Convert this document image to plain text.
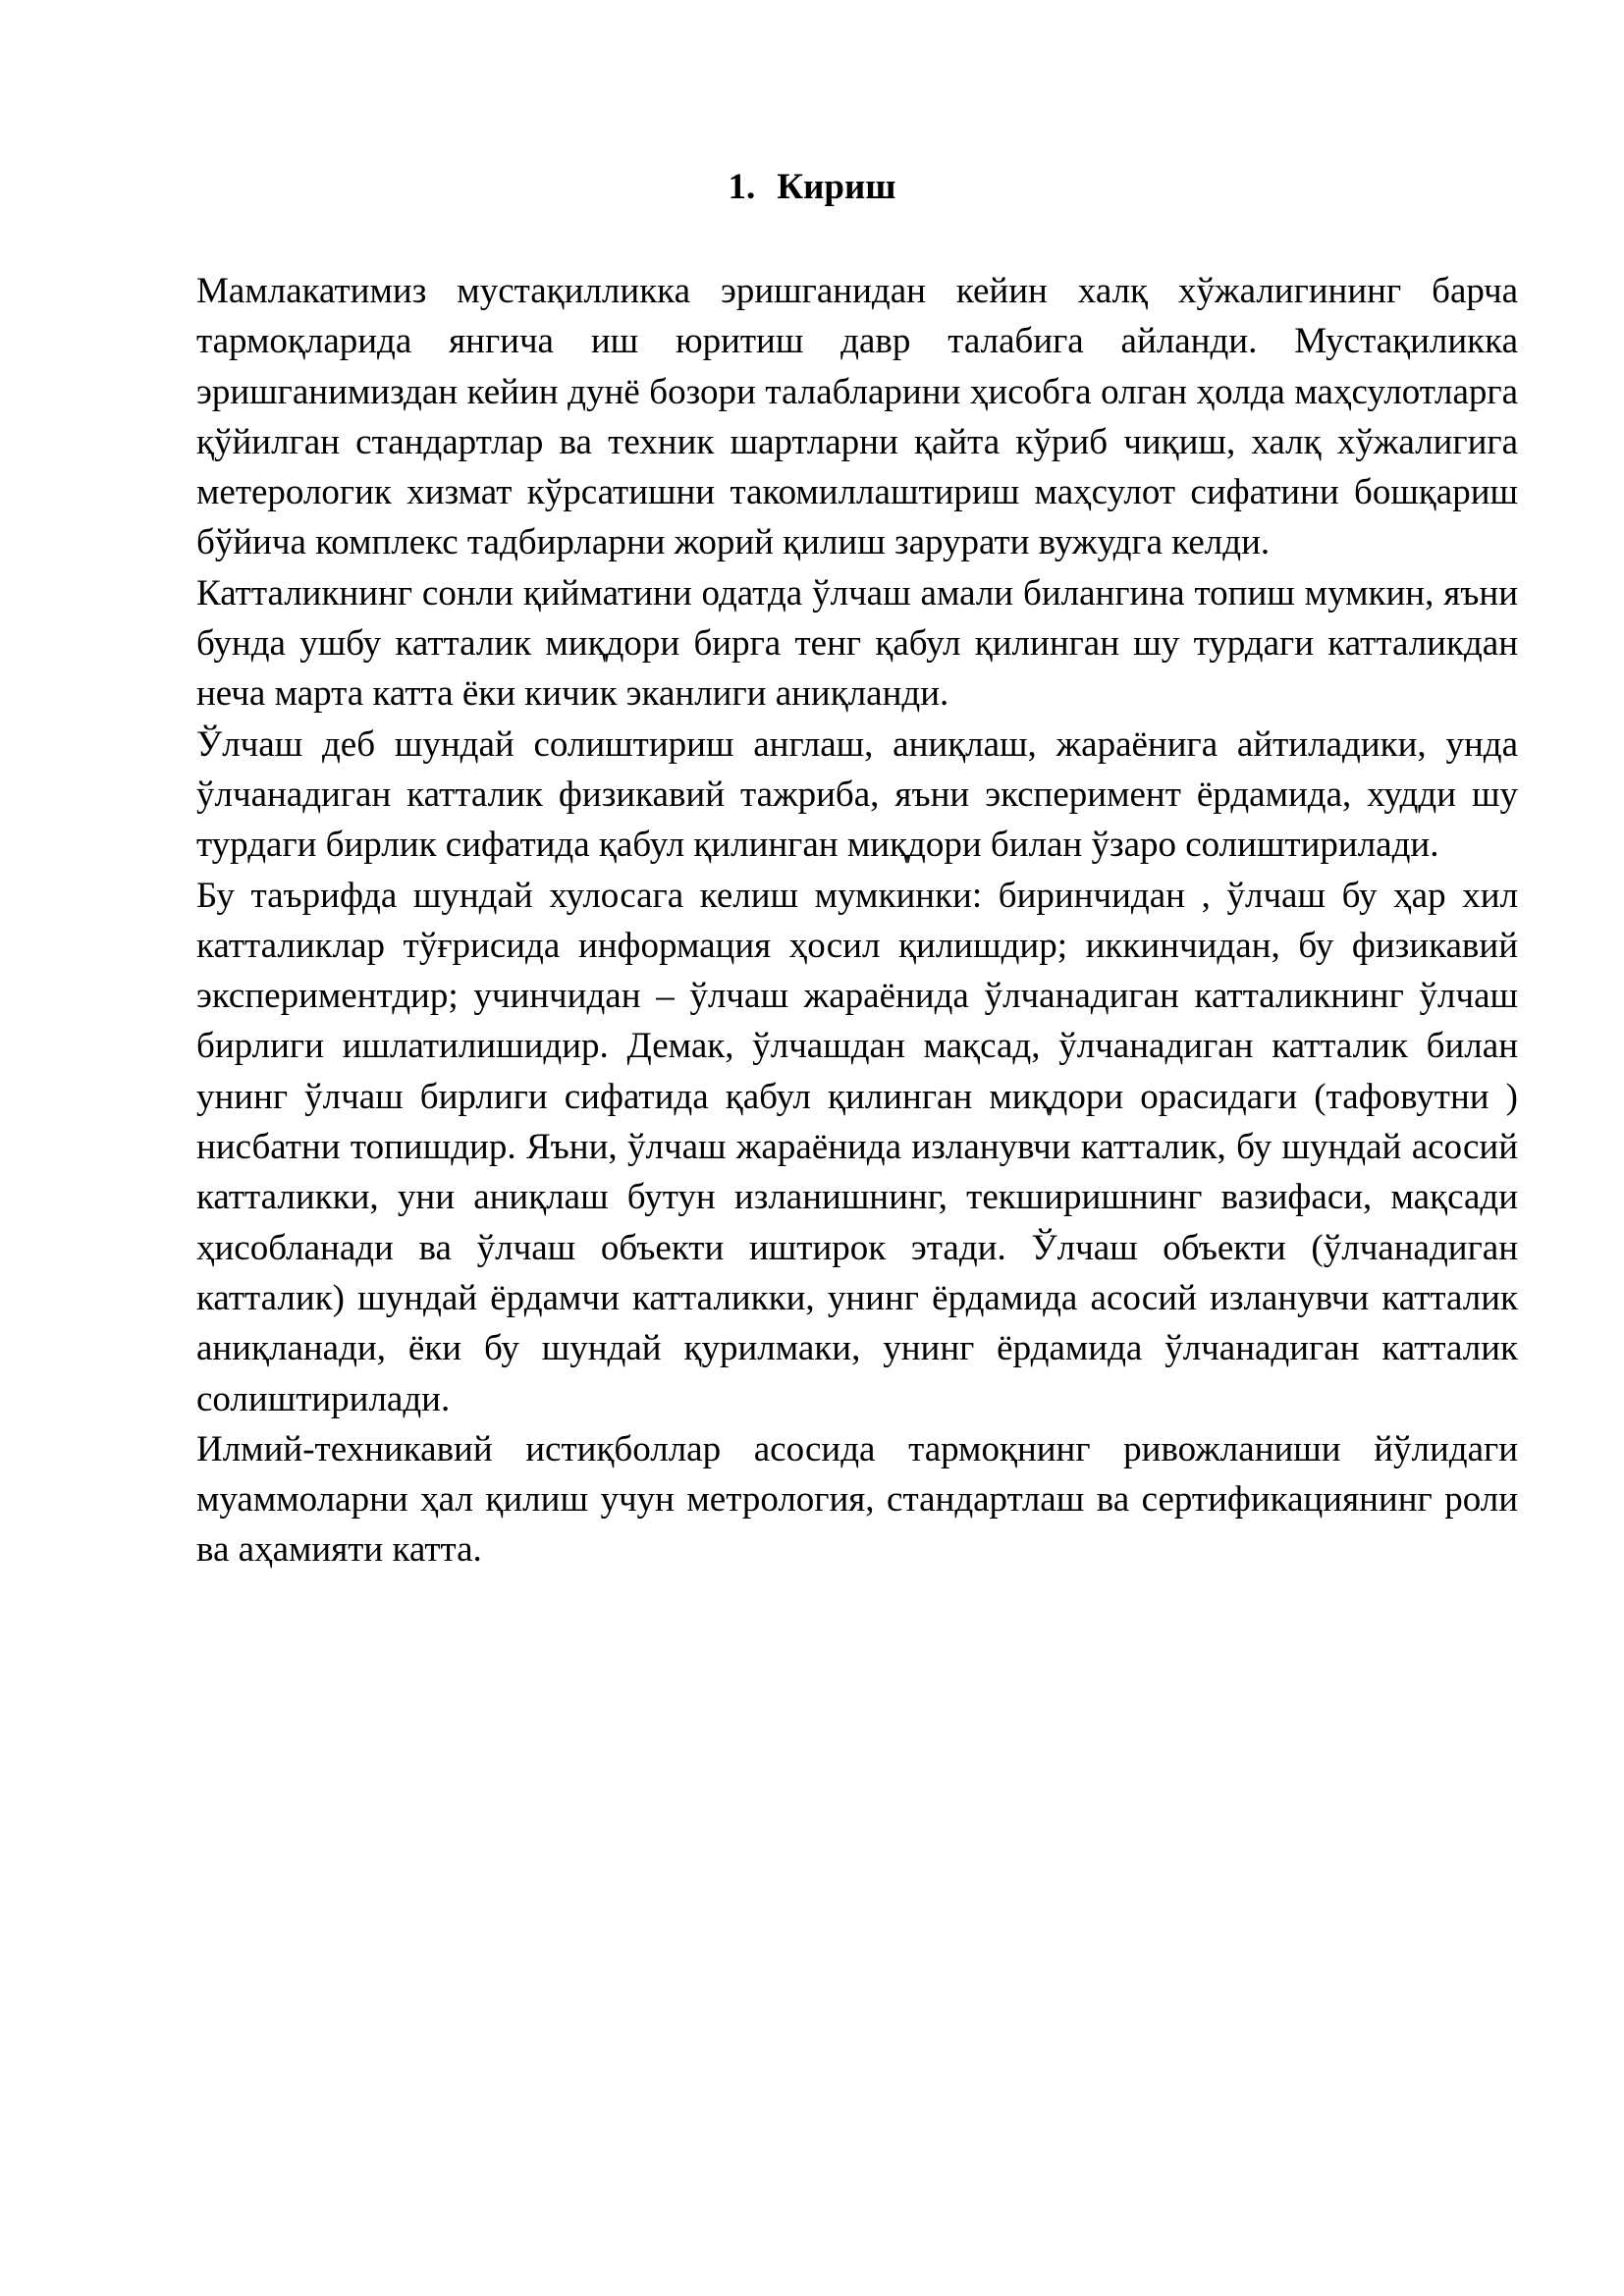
1. Кириш

Мамлакатимиз мустақилликка эришганидан кейин халқ хўжалигининг барча тармоқларида янгича иш юритиш давр талабига айланди. Мустақиликка эришганимиздан кейин дунё бозори талабларини ҳисобга олган ҳолда маҳсулотларга қўйилган стандартлар ва техник шартларни қайта кўриб чиқиш, халқ хўжалигига метерологик хизмат кўрсатишни такомиллаштириш маҳсулот сифатини бошқариш бўйича комплекс тадбирларни жорий қилиш зарурати вужудга келди.

Катталикнинг сонли қийматини одатда ўлчаш амали билангина топиш мумкин, яъни бунда ушбу катталик миқдори бирга тенг қабул қилинган шу турдаги катталикдан неча марта катта ёки кичик эканлиги аниқланди.

Ўлчаш деб шундай солиштириш англаш, аниқлаш, жараёнига айтиладики, унда ўлчанадиган катталик физикавий тажриба, яъни эксперимент ёрдамида, худди шу турдаги бирлик сифатида қабул қилинган миқдори билан ўзаро солиштирилади.

Бу таърифда шундай хулосага келиш мумкинки: биринчидан , ўлчаш бу ҳар хил катталиклар тўғрисида информация ҳосил қилишдир; иккинчидан, бу физикавий экспериментдир; учинчидан – ўлчаш жараёнида ўлчанадиган катталикнинг ўлчаш бирлиги ишлатилишидир. Демак, ўлчашдан мақсад, ўлчанадиган катталик билан унинг ўлчаш бирлиги сифатида қабул қилинган миқдори орасидаги (тафовутни ) нисбатни топишдир. Яъни, ўлчаш жараёнида изланувчи катталик, бу шундай асосий катталикки, уни аниқлаш бутун изланишнинг, текширишнинг вазифаси, мақсади ҳисобланади ва ўлчаш объекти иштирок этади. Ўлчаш объекти (ўлчанадиган катталик) шундай ёрдамчи катталикки, унинг ёрдамида асосий изланувчи катталик аниқланади, ёки бу шундай қурилмаки, унинг ёрдамида ўлчанадиган катталик солиштирилади.

Илмий-техникавий истиқболлар асосида тармоқнинг ривожланиши йўлидаги муаммоларни ҳал қилиш учун метрология, стандартлаш ва сертификациянинг роли ва аҳамияти катта.
